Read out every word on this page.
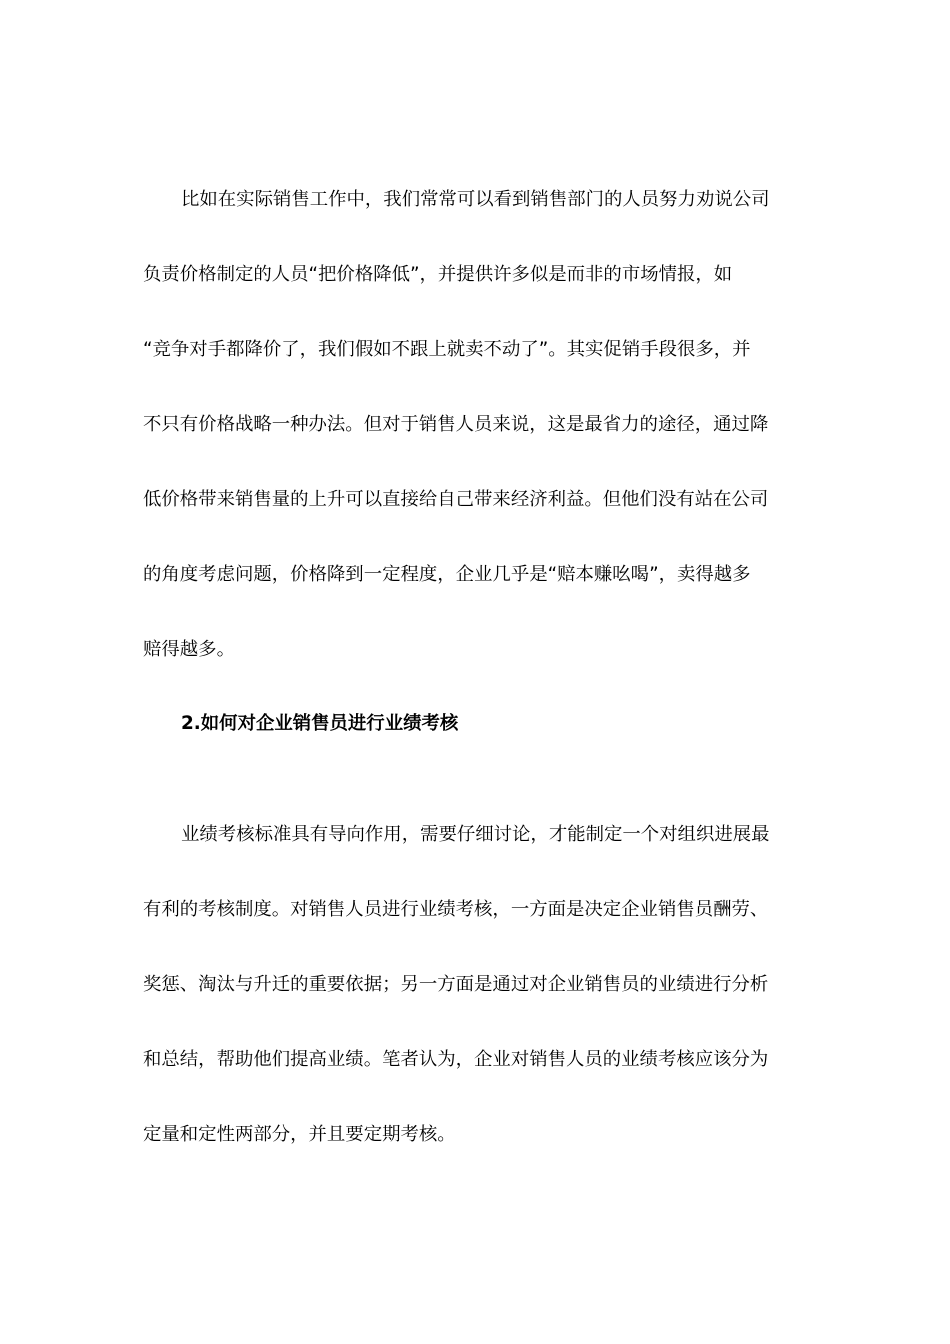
比如在实际销售工作中，我们常常可以看到销售部门的人员努力劝说公司
负责价格制定的人员“把价格降低”，并提供许多似是而非的市场情报，如
“竞争对手都降价了，我们假如不跟上就卖不动了”。其实促销手段很多，并
不只有价格战略一种办法。但对于销售人员来说，这是最省力的途径，通过降
低价格带来销售量的上升可以直接给自己带来经济利益。但他们没有站在公司
的角度考虑问题，价格降到一定程度，企业几乎是“赔本赚吆喝”，卖得越多
赔得越多。
2.如何对企业销售员进行业绩考核
业绩考核标准具有导向作用，需要仔细讨论，才能制定一个对组织进展最
有利的考核制度。对销售人员进行业绩考核，一方面是决定企业销售员酬劳、
奖惩、淘汰与升迁的重要依据；另一方面是通过对企业销售员的业绩进行分析
和总结，帮助他们提高业绩。笔者认为，企业对销售人员的业绩考核应该分为
定量和定性两部分，并且要定期考核。
